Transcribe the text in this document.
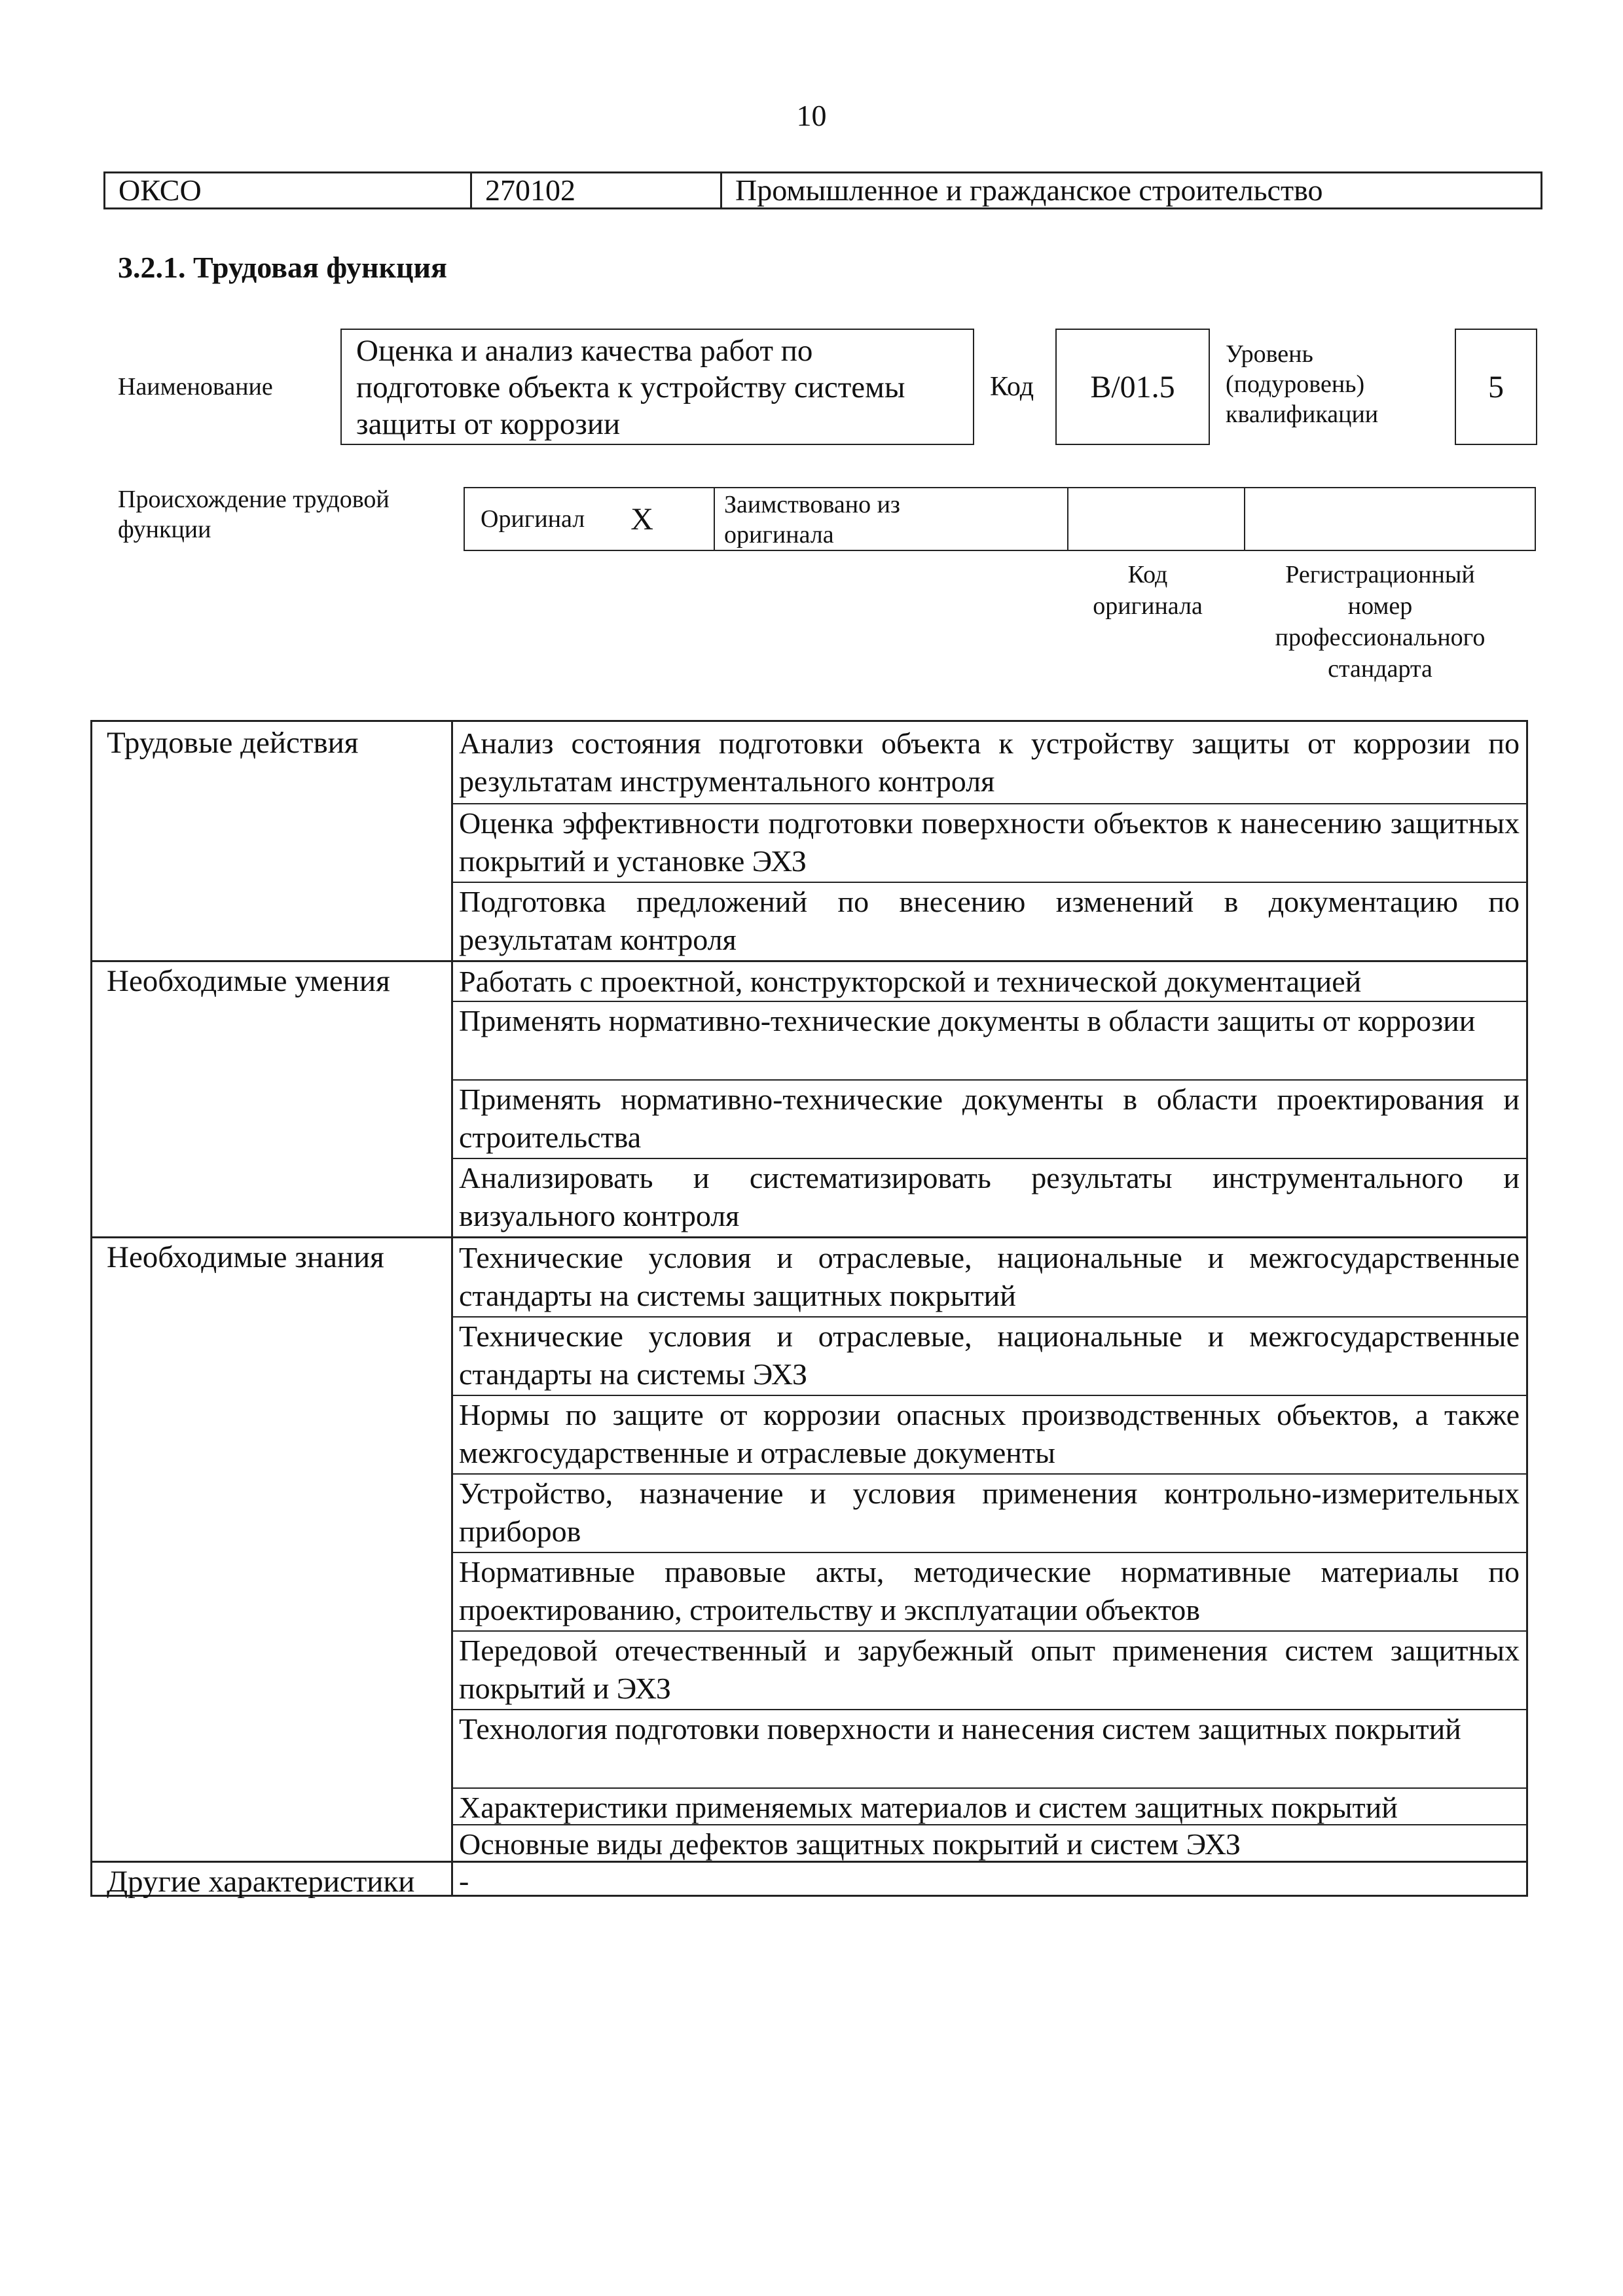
10
ОКСО	270102	Промышленное и гражданское строительство
3.2.1. Трудовая функция
Наименование
Оценка и анализ качества работ по
подготовке объекта к устройству системы
защиты от коррозии
Код	В/01.5
Уровень
(подуровень)
квалификации
5
Происхождение трудовой
функции	Оригинал X	Заимствовано из
оригинала
Код
оригинала
Регистрационный
номер
профессионального
стандарта
Трудовые действия	Анализ состояния подготовки объекта к устройству защиты от коррозии по результатам инструментального контроля
Оценка эффективности подготовки поверхности объектов к нанесению защитных покрытий и установке ЭХЗ
Подготовка предложений по внесению изменений в документацию по результатам контроля
Необходимые умения	Работать с проектной, конструкторской и технической документацией
Применять нормативно-технические документы в области защиты от коррозии
Применять нормативно-технические документы в области проектирования и строительства
Анализировать и систематизировать результаты инструментального и визуального контроля
Необходимые знания	Технические условия и отраслевые, национальные и межгосударственные стандарты на системы защитных покрытий
Технические условия и отраслевые, национальные и межгосударственные стандарты на системы ЭХЗ
Нормы по защите от коррозии опасных производственных объектов, а также межгосударственные и отраслевые документы
Устройство, назначение и условия применения контрольно-измерительных приборов
Нормативные правовые акты, методические нормативные материалы по проектированию, строительству и эксплуатации объектов
Передовой отечественный и зарубежный опыт применения систем защитных покрытий и ЭХЗ
Технология подготовки поверхности и нанесения систем защитных покрытий
Характеристики применяемых материалов и систем защитных покрытий
Основные виды дефектов защитных покрытий и систем ЭХЗ
Другие характеристики	-
